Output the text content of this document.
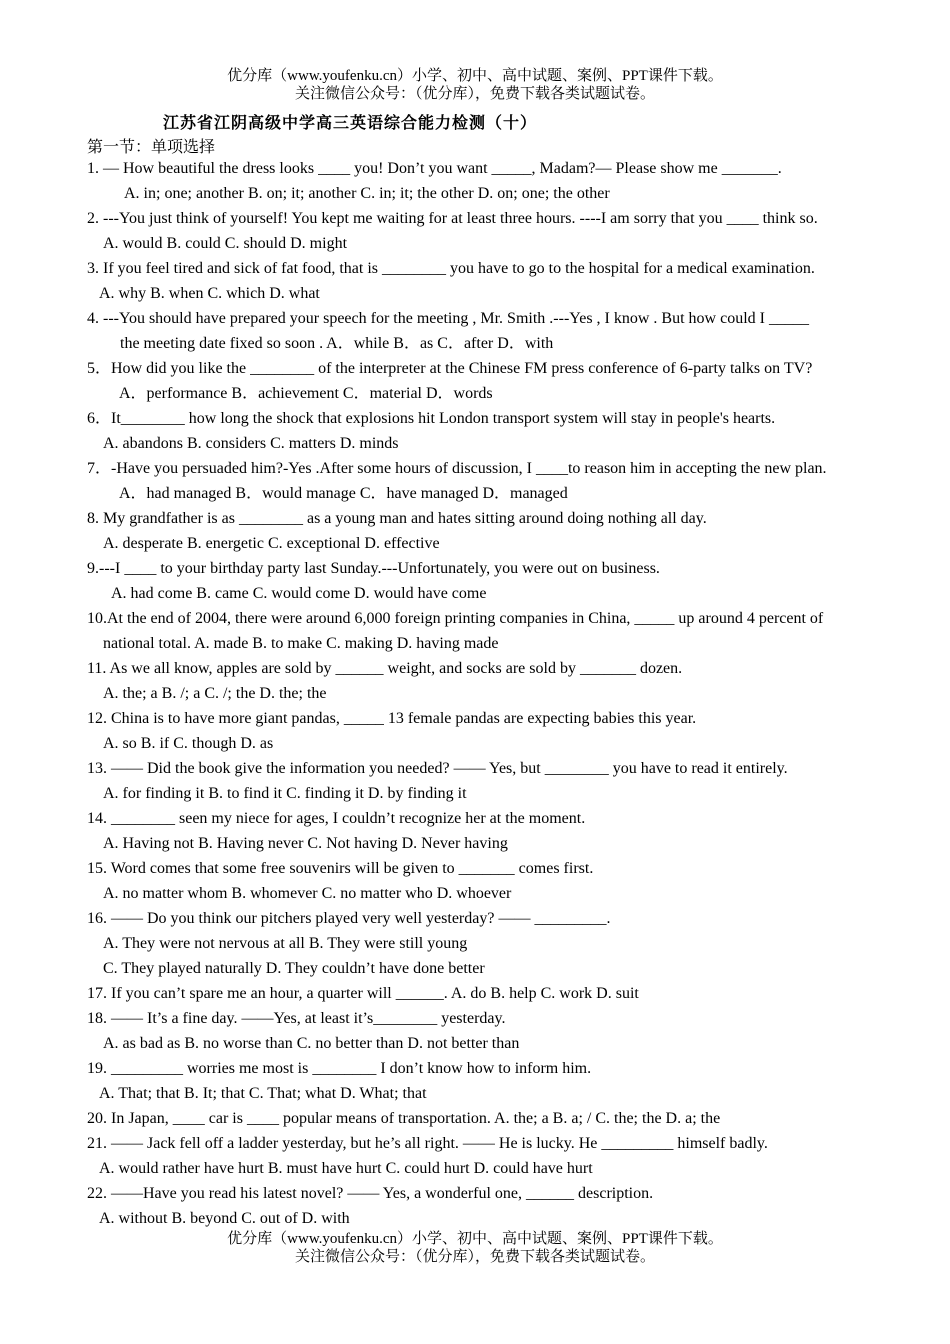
优分库（www.youfenku.cn）小学、初中、高中试题、案例、PPT课件下载。
关注微信公众号：（优分库），免费下载各类试题试卷。
江苏省江阴高级中学高三英语综合能力检测（十）
第一节：单项选择
1. — How beautiful the dress looks ____ you! Don’t you want _____, Madam?— Please show me _______.
A. in; one; another B. on; it; another C. in; it; the other D. on; one; the other
2. ---You just think of yourself! You kept me waiting for at least three hours. ----I am sorry that you ____ think so.
A. would B. could C. should D. might
3. If you feel tired and sick of fat food, that is ________ you have to go to the hospital for a medical examination.
A. why B. when C. which D. what
4. ---You should have prepared your speech for the meeting , Mr. Smith .---Yes , I know . But how could I _____
the meeting date fixed so soon . A．while B．as C．after D．with
5．How did you like the ________ of the interpreter at the Chinese FM press conference of 6-party talks on TV?
A．performance B．achievement C．material D．words
6．It________ how long the shock that explosions hit London transport system will stay in people's hearts.
A. abandons B. considers C. matters D. minds
7．-Have you persuaded him?-Yes .After some hours of discussion, I ____to reason him in accepting the new plan.
A．had managed B．would manage C．have managed D．managed
8. My grandfather is as ________ as a young man and hates sitting around doing nothing all day.
A. desperate B. energetic C. exceptional D. effective
9.---I ____ to your birthday party last Sunday.---Unfortunately, you were out on business.
A. had come B. came C. would come D. would have come
10.At the end of 2004, there were around 6,000 foreign printing companies in China, _____ up around 4 percent of
national total. A. made B. to make C. making D. having made
11. As we all know, apples are sold by ______ weight, and socks are sold by _______ dozen.
A. the; a B. /; a C. /; the D. the; the
12. China is to have more giant pandas, _____ 13 female pandas are expecting babies this year.
A. so B. if C. though D. as
13. —— Did the book give the information you needed? —— Yes, but ________ you have to read it entirely.
A. for finding it B. to find it C. finding it D. by finding it
14. ________ seen my niece for ages, I couldn’t recognize her at the moment.
A. Having not B. Having never C. Not having D. Never having
15. Word comes that some free souvenirs will be given to _______ comes first.
A. no matter whom B. whomever C. no matter who D. whoever
16. —— Do you think our pitchers played very well yesterday? —— _________.
A. They were not nervous at all B. They were still young
C. They played naturally D. They couldn’t have done better
17. If you can’t spare me an hour, a quarter will ______. A. do B. help C. work D. suit
18. —— It’s a fine day. ——Yes, at least it’s________ yesterday.
A. as bad as B. no worse than C. no better than D. not better than
19. _________ worries me most is ________ I don’t know how to inform him.
A. That; that B. It; that C. That; what D. What; that
20. In Japan, ____ car is ____ popular means of transportation. A. the; a B. a; / C. the; the D. a; the
21. —— Jack fell off a ladder yesterday, but he’s all right. —— He is lucky. He _________ himself badly.
A. would rather have hurt B. must have hurt C. could hurt D. could have hurt
22. ——Have you read his latest novel? —— Yes, a wonderful one, ______ description.
A. without B. beyond C. out of D. with
优分库（www.youfenku.cn）小学、初中、高中试题、案例、PPT课件下载。
关注微信公众号：（优分库），免费下载各类试题试卷。
